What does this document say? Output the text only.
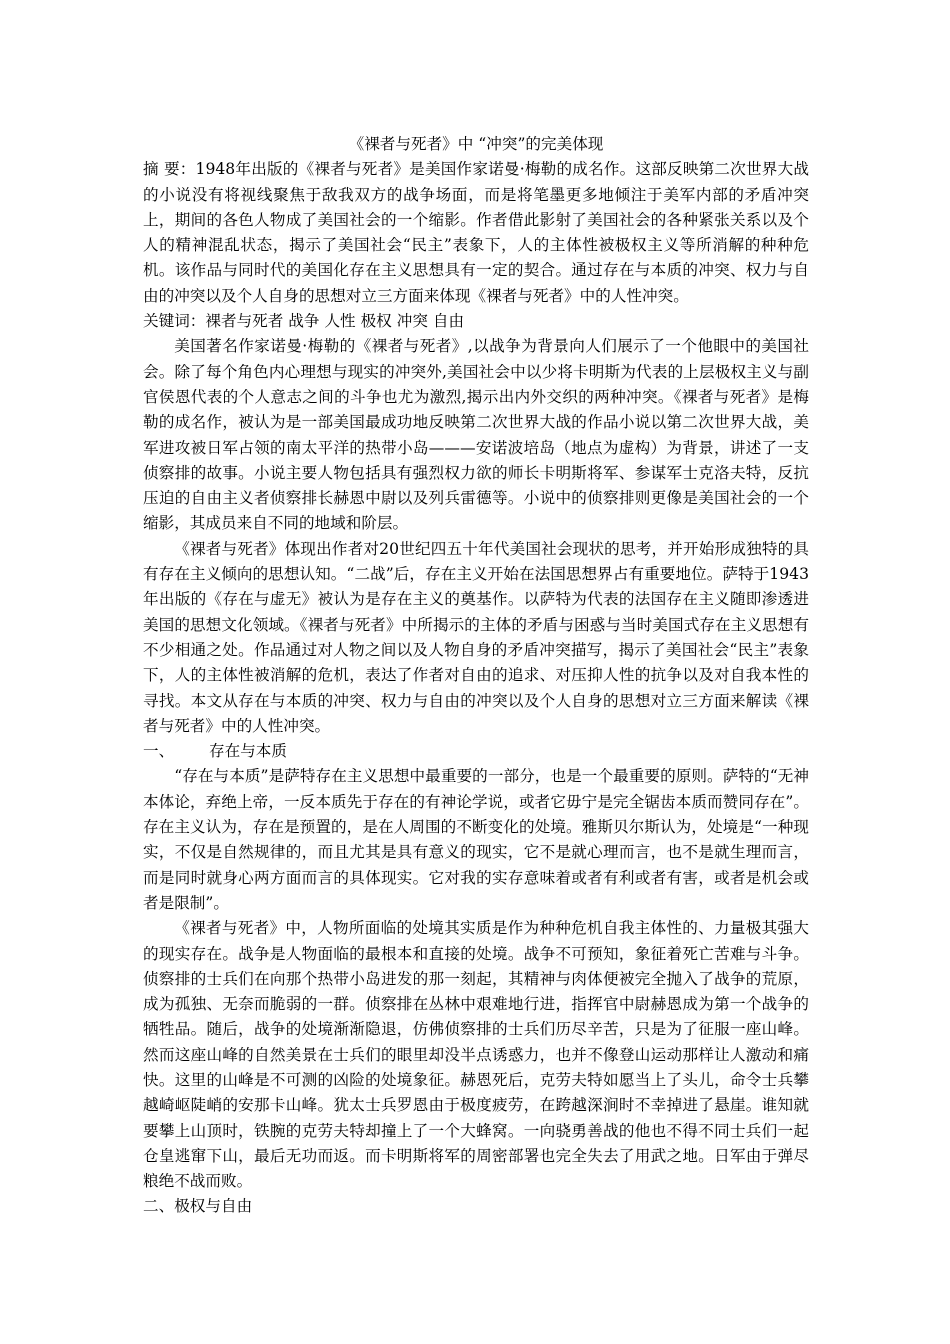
《裸者与死者》中 “冲突”的完美体现

摘 要：1948年出版的《裸者与死者》是美国作家诺曼·梅勒的成名作。这部反映第二次世界大战的小说没有将视线聚焦于敌我双方的战争场面，而是将笔墨更多地倾注于美军内部的矛盾冲突上，期间的各色人物成了美国社会的一个缩影。作者借此影射了美国社会的各种紧张关系以及个人的精神混乱状态，揭示了美国社会“民主”表象下，人的主体性被极权主义等所消解的种种危机。该作品与同时代的美国化存在主义思想具有一定的契合。通过存在与本质的冲突、权力与自由的冲突以及个人自身的思想对立三方面来体现《裸者与死者》中的人性冲突。

关键词：裸者与死者 战争 人性 极权 冲突 自由

美国著名作家诺曼·梅勒的《裸者与死者》,以战争为背景向人们展示了一个他眼中的美国社会。除了每个角色内心理想与现实的冲突外,美国社会中以少将卡明斯为代表的上层极权主义与副官侯恩代表的个人意志之间的斗争也尤为激烈,揭示出内外交织的两种冲突。《裸者与死者》是梅勒的成名作，被认为是一部美国最成功地反映第二次世界大战的作品小说以第二次世界大战，美军进攻被日军占领的南太平洋的热带小岛———安诺波培岛（地点为虚构）为背景，讲述了一支侦察排的故事。小说主要人物包括具有强烈权力欲的师长卡明斯将军、参谋军士克洛夫特，反抗压迫的自由主义者侦察排长赫恩中尉以及列兵雷德等。小说中的侦察排则更像是美国社会的一个缩影，其成员来自不同的地域和阶层。

《裸者与死者》体现出作者对20世纪四五十年代美国社会现状的思考，并开始形成独特的具有存在主义倾向的思想认知。“二战”后，存在主义开始在法国思想界占有重要地位。萨特于1943年出版的《存在与虚无》被认为是存在主义的奠基作。以萨特为代表的法国存在主义随即渗透进美国的思想文化领域。《裸者与死者》中所揭示的主体的矛盾与困惑与当时美国式存在主义思想有不少相通之处。作品通过对人物之间以及人物自身的矛盾冲突描写，揭示了美国社会“民主”表象下，人的主体性被消解的危机，表达了作者对自由的追求、对压抑人性的抗争以及对自我本性的寻找。本文从存在与本质的冲突、权力与自由的冲突以及个人自身的思想对立三方面来解读《裸者与死者》中的人性冲突。

一、 存在与本质

“存在与本质”是萨特存在主义思想中最重要的一部分，也是一个最重要的原则。萨特的“无神本体论，弃绝上帝，一反本质先于存在的有神论学说，或者它毋宁是完全锯齿本质而赞同存在”。存在主义认为，存在是预置的，是在人周围的不断变化的处境。雅斯贝尔斯认为，处境是“一种现实，不仅是自然规律的，而且尤其是具有意义的现实，它不是就心理而言，也不是就生理而言，而是同时就身心两方面而言的具体现实。它对我的实存意味着或者有利或者有害，或者是机会或者是限制”。

《裸者与死者》中，人物所面临的处境其实质是作为种种危机自我主体性的、力量极其强大的现实存在。战争是人物面临的最根本和直接的处境。战争不可预知，象征着死亡苦难与斗争。侦察排的士兵们在向那个热带小岛进发的那一刻起，其精神与肉体便被完全抛入了战争的荒原，成为孤独、无奈而脆弱的一群。侦察排在丛林中艰难地行进，指挥官中尉赫恩成为第一个战争的牺牲品。随后，战争的处境渐渐隐退，仿佛侦察排的士兵们历尽辛苦，只是为了征服一座山峰。然而这座山峰的自然美景在士兵们的眼里却没半点诱惑力，也并不像登山运动那样让人激动和痛快。这里的山峰是不可测的凶险的处境象征。赫恩死后，克劳夫特如愿当上了头儿，命令士兵攀越崎岖陡峭的安那卡山峰。犹太士兵罗恩由于极度疲劳，在跨越深涧时不幸掉进了悬崖。谁知就要攀上山顶时，铁腕的克劳夫特却撞上了一个大蜂窝。一向骁勇善战的他也不得不同士兵们一起仓皇逃窜下山，最后无功而返。而卡明斯将军的周密部署也完全失去了用武之地。日军由于弹尽粮绝不战而败。

二、极权与自由
